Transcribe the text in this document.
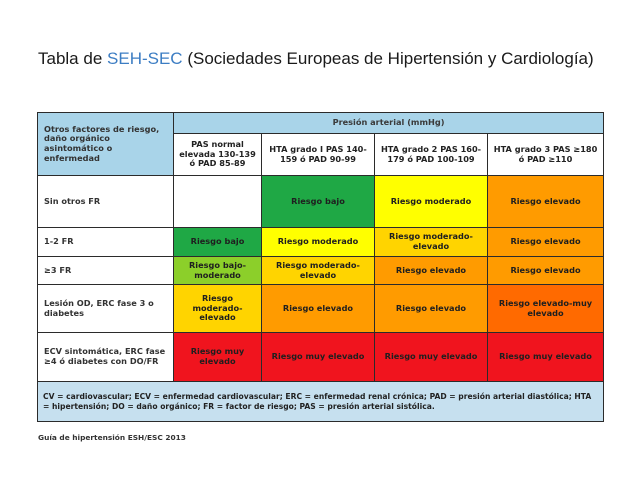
Tabla de SEH-SEC (Sociedades Europeas de Hipertensión y Cardiología)
Otros factores de riesgo, daño orgánico asintomático o enfermedad	Presión arterial (mmHg)			
	PAS normal elevada 130-139 ó PAD 85-89	HTA grado I PAS 140-159 ó PAD 90-99	HTA grado 2 PAS 160-179 ó PAD 100-109	HTA grado 3 PAS ≥180 ó PAD ≥110
Sin otros FR		Riesgo bajo	Riesgo moderado	Riesgo elevado
1-2 FR	Riesgo bajo	Riesgo moderado	Riesgo moderado-elevado	Riesgo elevado
≥3 FR	Riesgo bajo-moderado	Riesgo moderado-elevado	Riesgo elevado	Riesgo elevado
Lesión OD, ERC fase 3 o diabetes	Riesgo moderado-elevado	Riesgo elevado	Riesgo elevado	Riesgo elevado-muy elevado
ECV sintomática, ERC fase ≥4 ó diabetes con DO/FR	Riesgo muy elevado	Riesgo muy elevado	Riesgo muy elevado	Riesgo muy elevado
CV = cardiovascular; ECV = enfermedad cardiovascular; ERC = enfermedad renal crónica; PAD = presión arterial diastólica; HTA = hipertensión; DO = daño orgánico; FR = factor de riesgo; PAS = presión arterial sistólica.				
Guía de hipertensión ESH/ESC 2013
